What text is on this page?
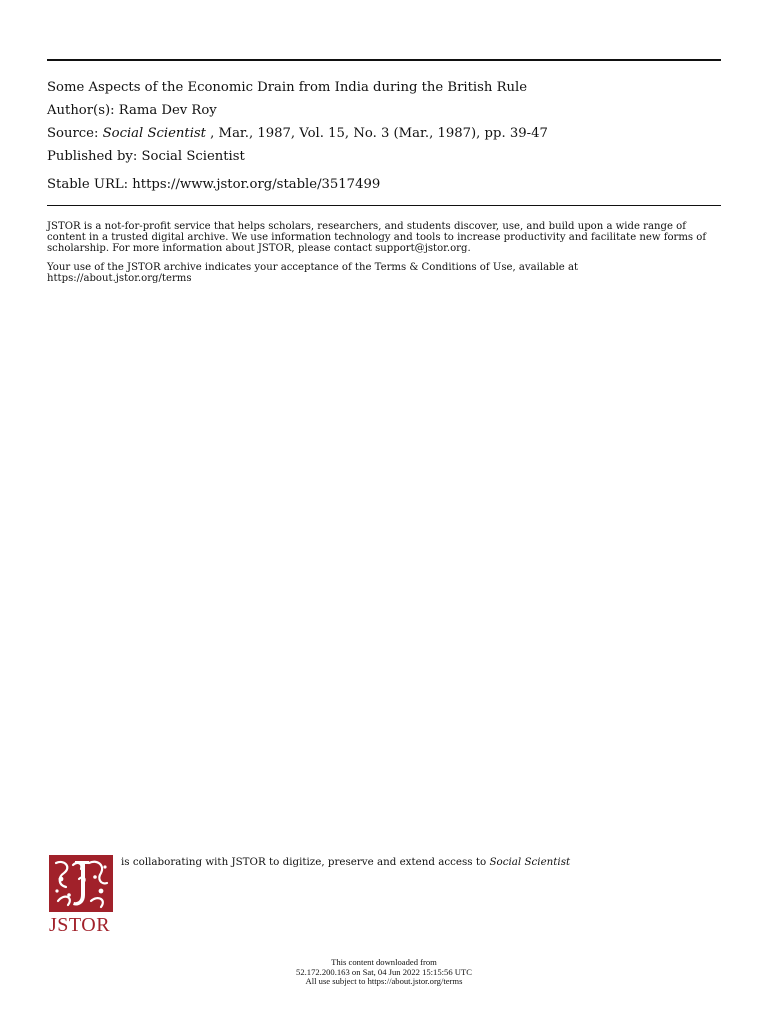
Some Aspects of the Economic Drain from India during the British Rule
Author(s): Rama Dev Roy
Source: Social Scientist , Mar., 1987, Vol. 15, No. 3 (Mar., 1987), pp. 39-47
Published by: Social Scientist
Stable URL: https://www.jstor.org/stable/3517499
JSTOR is a not-for-profit service that helps scholars, researchers, and students discover, use, and build upon a wide range of content in a trusted digital archive. We use information technology and tools to increase productivity and facilitate new forms of scholarship. For more information about JSTOR, please contact support@jstor.org.
Your use of the JSTOR archive indicates your acceptance of the Terms & Conditions of Use, available at https://about.jstor.org/terms
JSTOR
is collaborating with JSTOR to digitize, preserve and extend access to Social Scientist
This content downloaded from
52.172.200.163 on Sat, 04 Jun 2022 15:15:56 UTC
All use subject to https://about.jstor.org/terms
